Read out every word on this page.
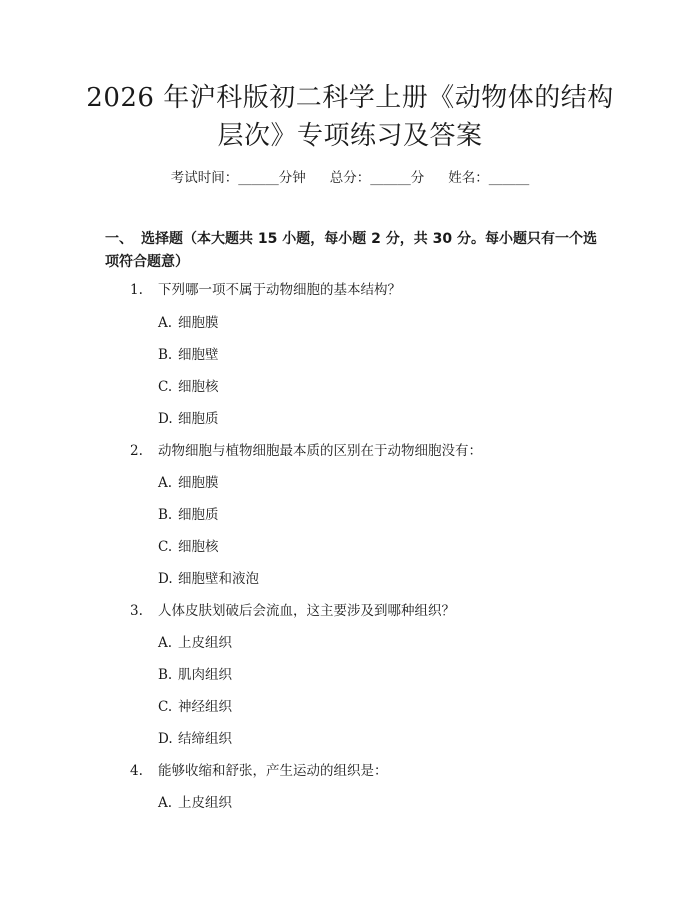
2026 年沪科版初二科学上册《动物体的结构
层次》专项练习及答案
考试时间：______分钟 总分：______分 姓名：______
一、 选择题（本大题共 15 小题，每小题 2 分，共 30 分。每小题只有一个选项符合题意）
1. 下列哪一项不属于动物细胞的基本结构？
A. 细胞膜
B. 细胞壁
C. 细胞核
D. 细胞质
2. 动物细胞与植物细胞最本质的区别在于动物细胞没有：
A. 细胞膜
B. 细胞质
C. 细胞核
D. 细胞壁和液泡
3. 人体皮肤划破后会流血，这主要涉及到哪种组织？
A. 上皮组织
B. 肌肉组织
C. 神经组织
D. 结缔组织
4. 能够收缩和舒张，产生运动的组织是：
A. 上皮组织
